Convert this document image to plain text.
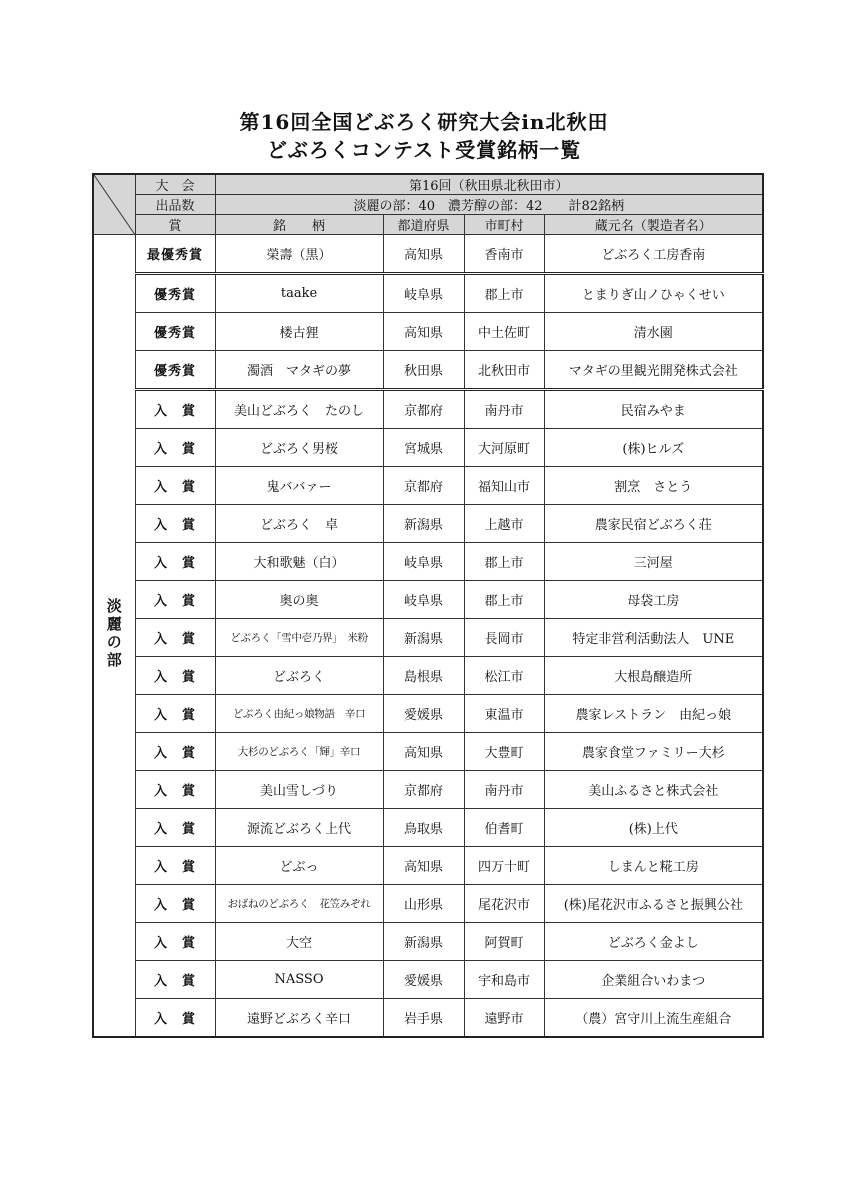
第16回全国どぶろく研究大会in北秋田
どぶろくコンテスト受賞銘柄一覧
	大　会	第16回（秋田県北秋田市）			
	出品数	淡麗の部：40　濃芳醇の部：42　　計82銘柄			
	賞	銘　　柄	都道府県	市町村	蔵元名（製造者名）
淡麗の部	最優秀賞	榮壽（黒）	高知県	香南市	どぶろく工房香南
	優秀賞	taake	岐阜県	郡上市	とまりぎ山ノひゃくせい
	優秀賞	楼古狸	高知県	中土佐町	清水園
	優秀賞	濁酒　マタギの夢	秋田県	北秋田市	マタギの里観光開発株式会社
	入　賞	美山どぶろく　たのし	京都府	南丹市	民宿みやま
	入　賞	どぶろく男桜	宮城県	大河原町	(株)ヒルズ
	入　賞	鬼ババァー	京都府	福知山市	割烹　さとう
	入　賞	どぶろく　卓	新潟県	上越市	農家民宿どぶろく荘
	入　賞	大和歌魅（白）	岐阜県	郡上市	三河屋
	入　賞	奥の奥	岐阜県	郡上市	母袋工房
	入　賞	どぶろく「雪中壱乃界」　米粉	新潟県	長岡市	特定非営利活動法人　UNE
	入　賞	どぶろく	島根県	松江市	大根島醸造所
	入　賞	どぶろく由紀っ娘物語　辛口	愛媛県	東温市	農家レストラン　由紀っ娘
	入　賞	大杉のどぶろく「輝」辛口	高知県	大豊町	農家食堂ファミリー大杉
	入　賞	美山雪しづり	京都府	南丹市	美山ふるさと株式会社
	入　賞	源流どぶろく上代	鳥取県	伯耆町	(株)上代
	入　賞	どぶっ	高知県	四万十町	しまんと糀工房
	入　賞	おばねのどぶろく　花笠みぞれ	山形県	尾花沢市	(株)尾花沢市ふるさと振興公社
	入　賞	大空	新潟県	阿賀町	どぶろく金よし
	入　賞	NASSO	愛媛県	宇和島市	企業組合いわまつ
	入　賞	遠野どぶろく辛口	岩手県	遠野市	（農）宮守川上流生産組合
